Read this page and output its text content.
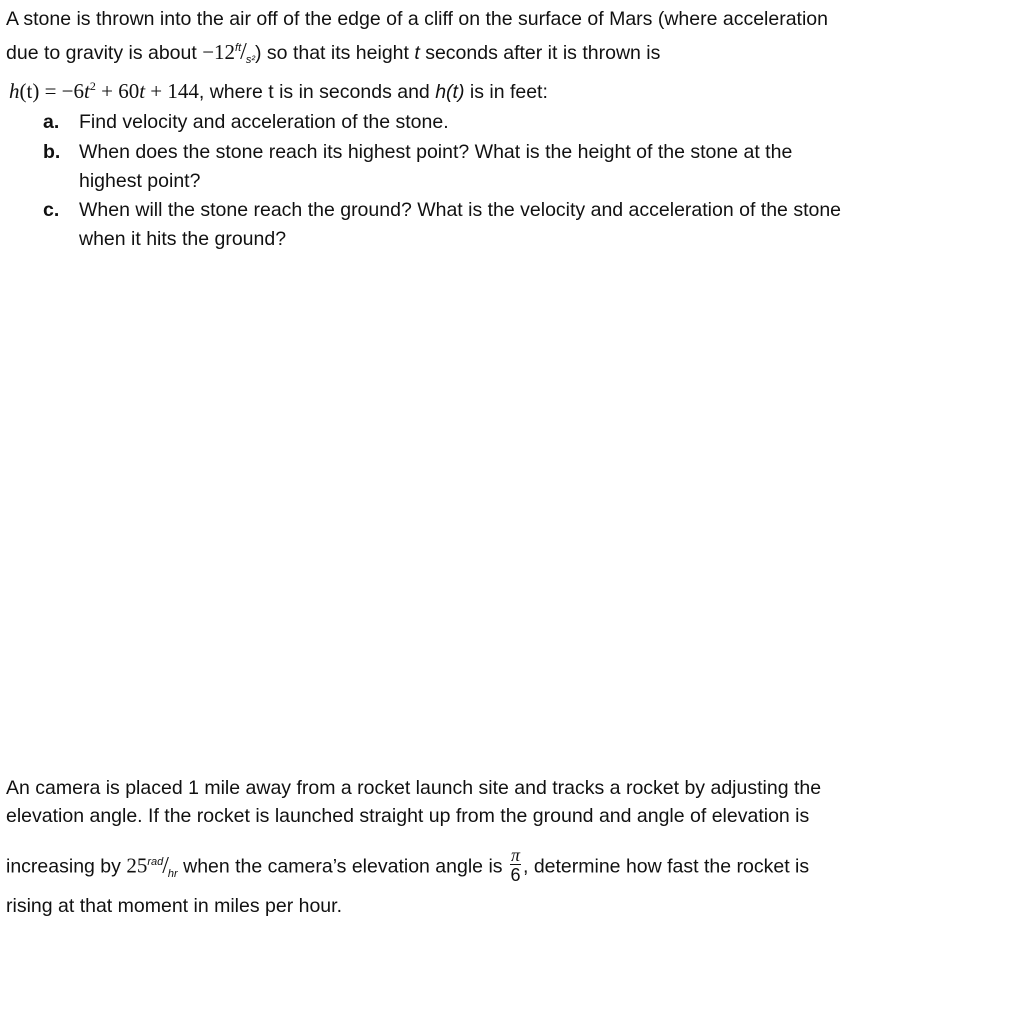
A stone is thrown into the air off of the edge of a cliff on the surface of Mars (where acceleration
due to gravity is about $-12^{ft}/_{s^2}$) so that its height t seconds after it is thrown is
$h(t) = -6t^2 + 60t + 144$, where t is in seconds and h(t) is in feet:
a. Find velocity and acceleration of the stone.
b. When does the stone reach its highest point? What is the height of the stone at the
highest point?
c. When will the stone reach the ground? What is the velocity and acceleration of the stone
when it hits the ground?
An camera is placed 1 mile away from a rocket launch site and tracks a rocket by adjusting the
elevation angle. If the rocket is launched straight up from the ground and angle of elevation is
increasing by $25^{rad}/_{hr}$ when the camera’s elevation angle is $\frac{\pi}{6}$ , determine how fast the rocket is
rising at that moment in miles per hour.
